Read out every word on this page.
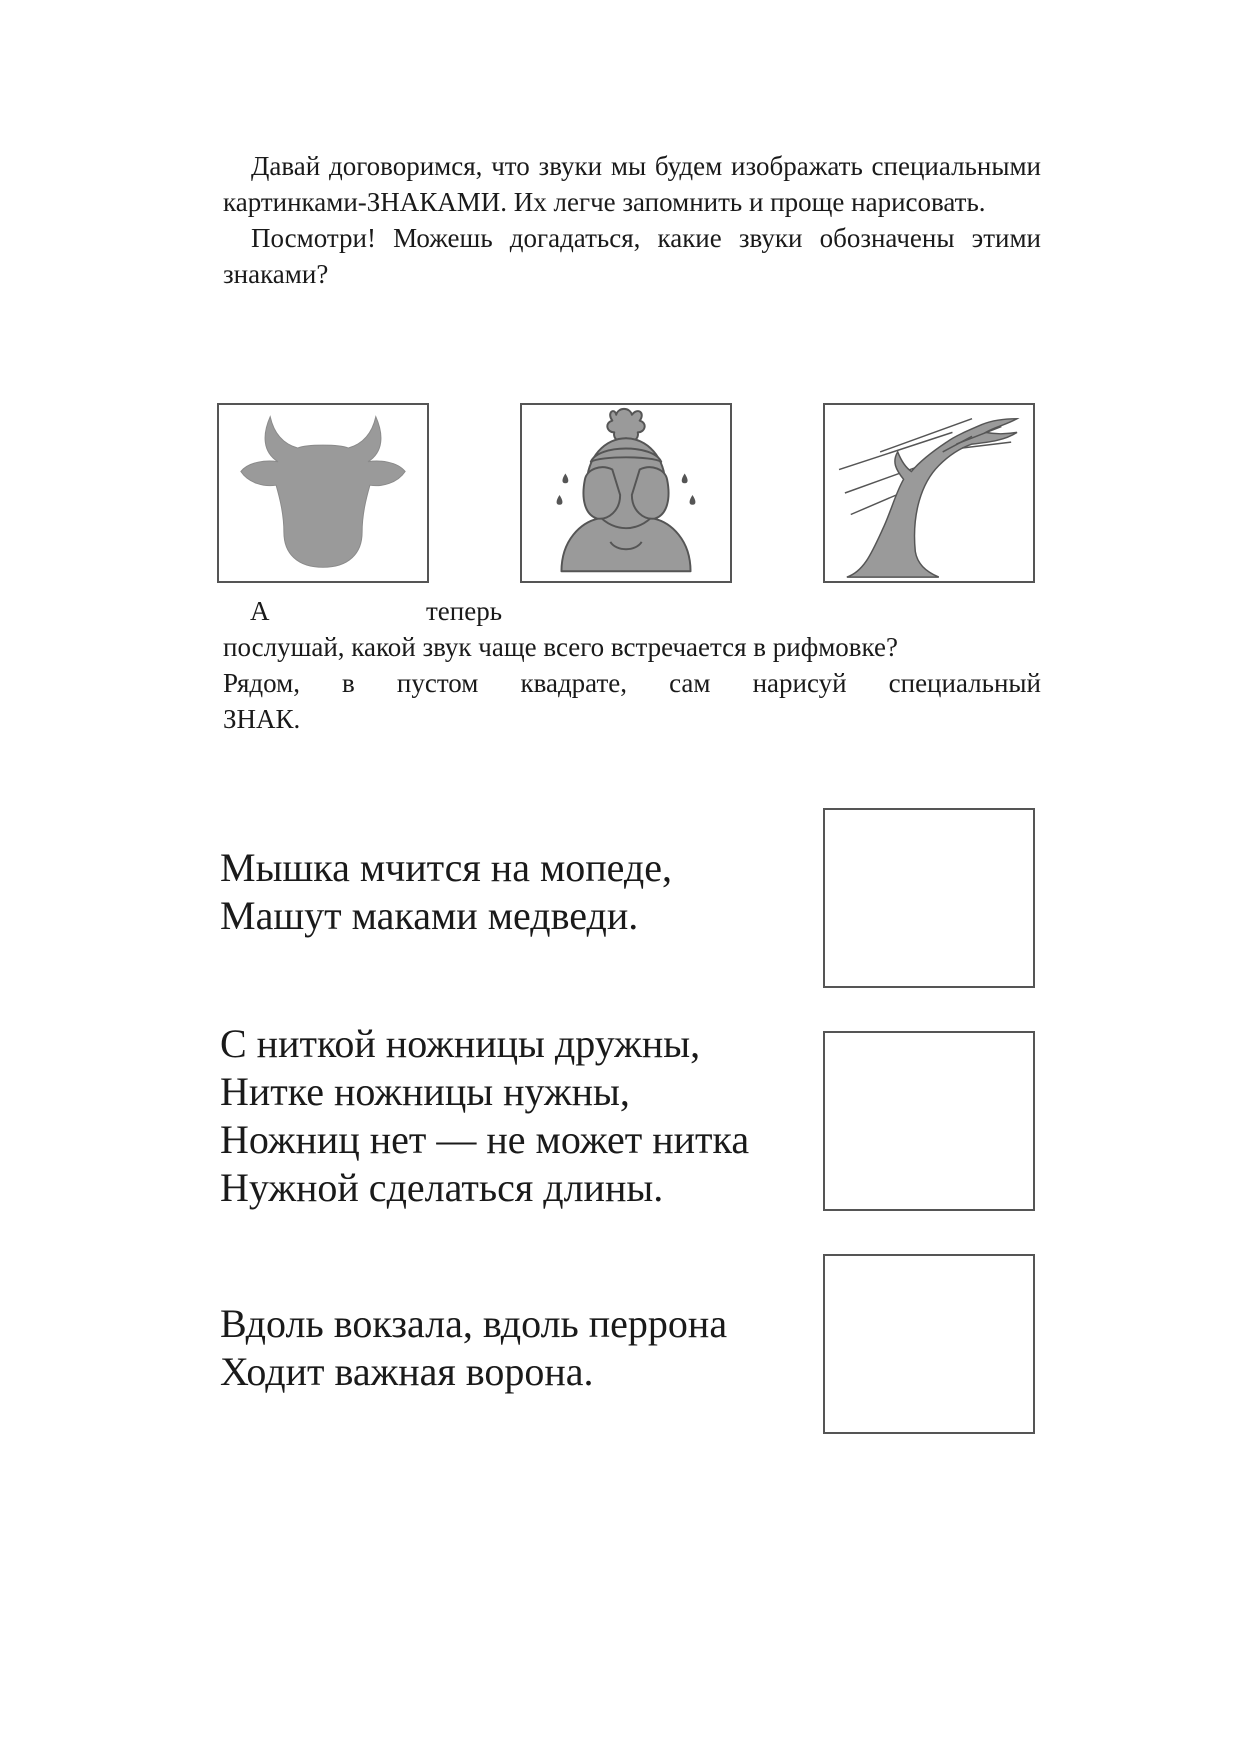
Давай договоримся, что звуки мы будем изображать специальными картинками-ЗНАКАМИ. Их легче запомнить и проще нарисовать.

Посмотри! Можешь догадаться, какие звуки обозначены этими знаками?

А	теперь

послушай, какой звук чаще всего встречается в рифмовке?

Рядом, в пустом квадрате, сам нарисуй специальный

ЗНАК.

Мышка мчится на мопеде,
Машут маками медведи.
С ниткой ножницы дружны,
Нитке ножницы нужны,
Ножниц нет — не может нитка
Нужной сделаться длины.
Вдоль вокзала, вдоль перрона
Ходит важная ворона.
